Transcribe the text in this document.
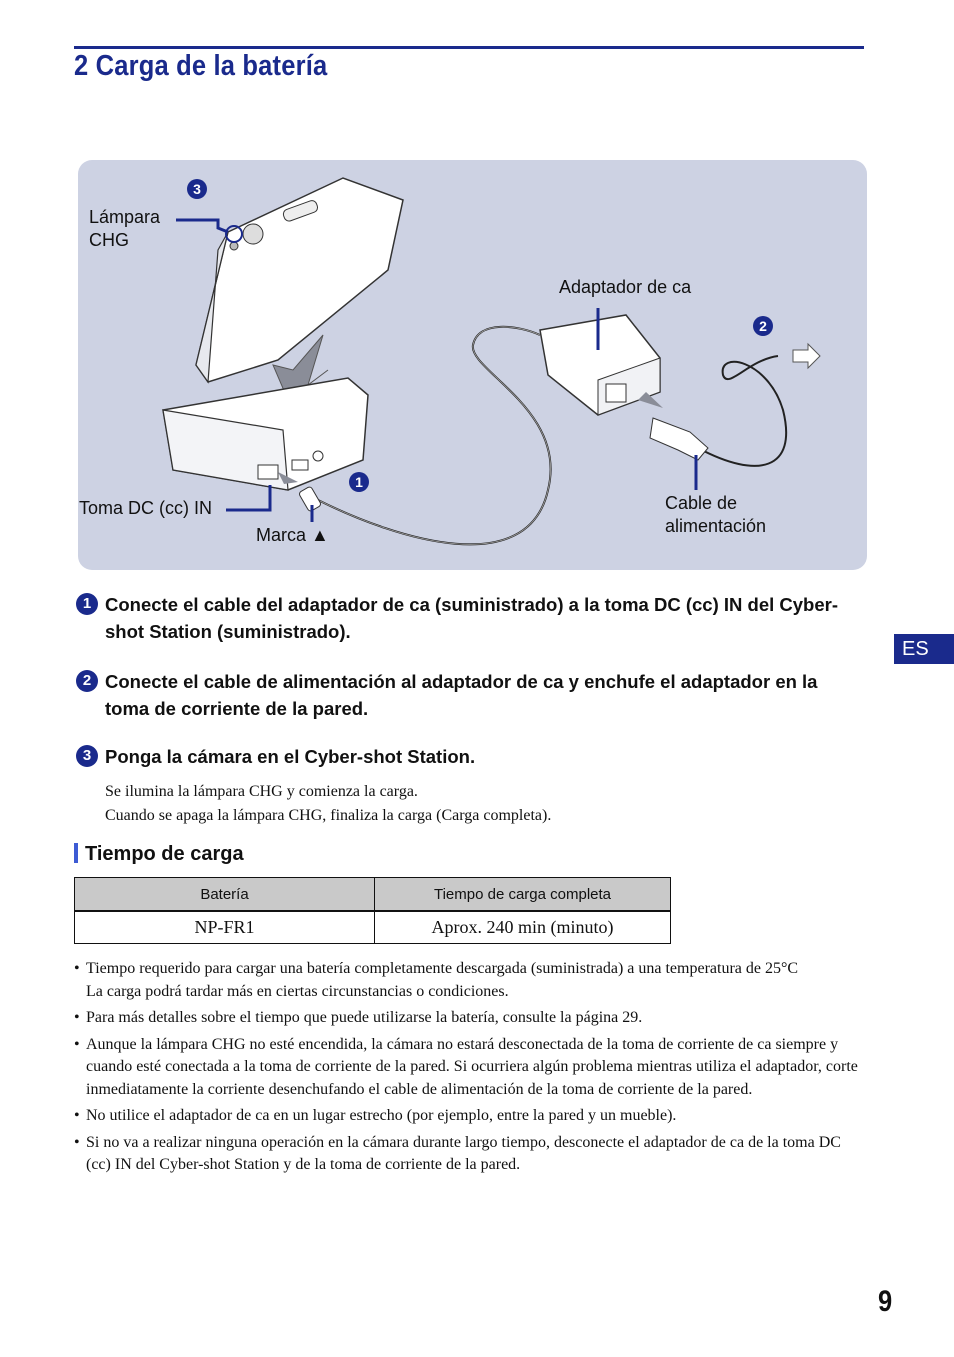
2 Carga de la batería
Lámpara
CHG
Adaptador de ca
Toma DC (cc) IN
Marca ▲
Cable de
alimentación
3
2
1
1 Conecte el cable del adaptador de ca (suministrado) a la toma DC (cc) IN del Cyber-shot Station (suministrado).
2 Conecte el cable de alimentación al adaptador de ca y enchufe el adaptador en la toma de corriente de la pared.
3 Ponga la cámara en el Cyber-shot Station.
Se ilumina la lámpara CHG y comienza la carga.
Cuando se apaga la lámpara CHG, finaliza la carga (Carga completa).
Tiempo de carga
Batería	Tiempo de carga completa
NP-FR1	Aprox. 240 min (minuto)
• Tiempo requerido para cargar una batería completamente descargada (suministrada) a una temperatura de 25°C
La carga podrá tardar más en ciertas circunstancias o condiciones.
• Para más detalles sobre el tiempo que puede utilizarse la batería, consulte la página 29.
• Aunque la lámpara CHG no esté encendida, la cámara no estará desconectada de la toma de corriente de ca siempre y cuando esté conectada a la toma de corriente de la pared. Si ocurriera algún problema mientras utiliza el adaptador, corte inmediatamente la corriente desenchufando el cable de alimentación de la toma de corriente de la pared.
• No utilice el adaptador de ca en un lugar estrecho (por ejemplo, entre la pared y un mueble).
• Si no va a realizar ninguna operación en la cámara durante largo tiempo, desconecte el adaptador de ca de la toma DC (cc) IN del Cyber-shot Station y de la toma de corriente de la pared.
ES
9
